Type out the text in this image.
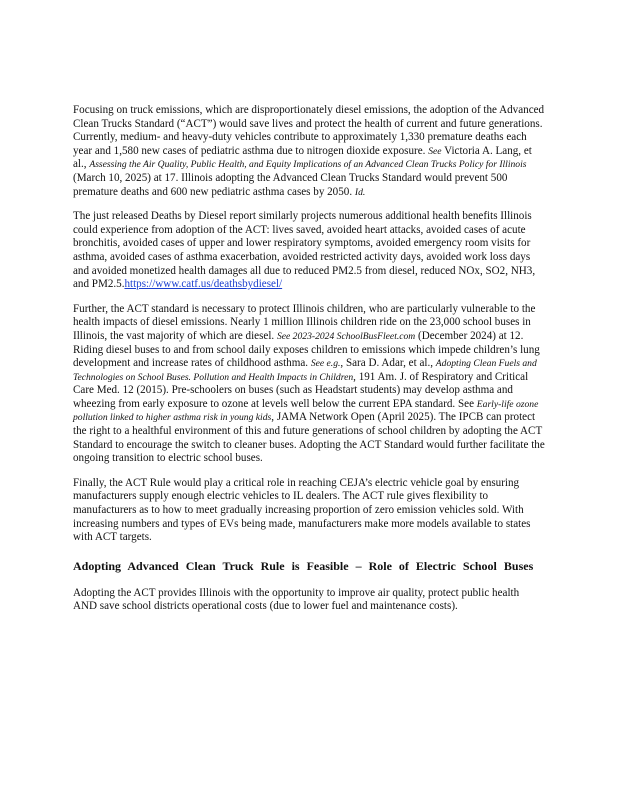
Focusing on truck emissions, which are disproportionately diesel emissions, the adoption of the Advanced Clean Trucks Standard (“ACT”) would save lives and protect the health of current and future generations. Currently, medium- and heavy-duty vehicles contribute to approximately 1,330 premature deaths each year and 1,580 new cases of pediatric asthma due to nitrogen dioxide exposure. See Victoria A. Lang, et al., Assessing the Air Quality, Public Health, and Equity Implications of an Advanced Clean Trucks Policy for Illinois (March 10, 2025) at 17. Illinois adopting the Advanced Clean Trucks Standard would prevent 500 premature deaths and 600 new pediatric asthma cases by 2050. Id.

The just released Deaths by Diesel report similarly projects numerous additional health benefits Illinois could experience from adoption of the ACT: lives saved, avoided heart attacks, avoided cases of acute bronchitis, avoided cases of upper and lower respiratory symptoms, avoided emergency room visits for asthma, avoided cases of asthma exacerbation, avoided restricted activity days, avoided work loss days and avoided monetized health damages all due to reduced PM2.5 from diesel, reduced NOx, SO2, NH3, and PM2.5.https://www.catf.us/deathsbydiesel/

Further, the ACT standard is necessary to protect Illinois children, who are particularly vulnerable to the health impacts of diesel emissions. Nearly 1 million Illinois children ride on the 23,000 school buses in Illinois, the vast majority of which are diesel. See 2023-2024 SchoolBusFleet.com (December 2024) at 12. Riding diesel buses to and from school daily exposes children to emissions which impede children’s lung development and increase rates of childhood asthma. See e.g., Sara D. Adar, et al., Adopting Clean Fuels and Technologies on School Buses. Pollution and Health Impacts in Children, 191 Am. J. of Respiratory and Critical Care Med. 12 (2015). Pre-schoolers on buses (such as Headstart students) may develop asthma and wheezing from early exposure to ozone at levels well below the current EPA standard. See Early-life ozone pollution linked to higher asthma risk in young kids, JAMA Network Open (April 2025). The IPCB can protect the right to a healthful environment of this and future generations of school children by adopting the ACT Standard to encourage the switch to cleaner buses. Adopting the ACT Standard would further facilitate the ongoing transition to electric school buses.

Finally, the ACT Rule would play a critical role in reaching CEJA’s electric vehicle goal by ensuring manufacturers supply enough electric vehicles to IL dealers. The ACT rule gives flexibility to manufacturers as to how to meet gradually increasing proportion of zero emission vehicles sold. With increasing numbers and types of EVs being made, manufacturers make more models available to states with ACT targets.

Adopting Advanced Clean Truck Rule is Feasible – Role of Electric School Buses

Adopting the ACT provides Illinois with the opportunity to improve air quality, protect public health AND save school districts operational costs (due to lower fuel and maintenance costs).
